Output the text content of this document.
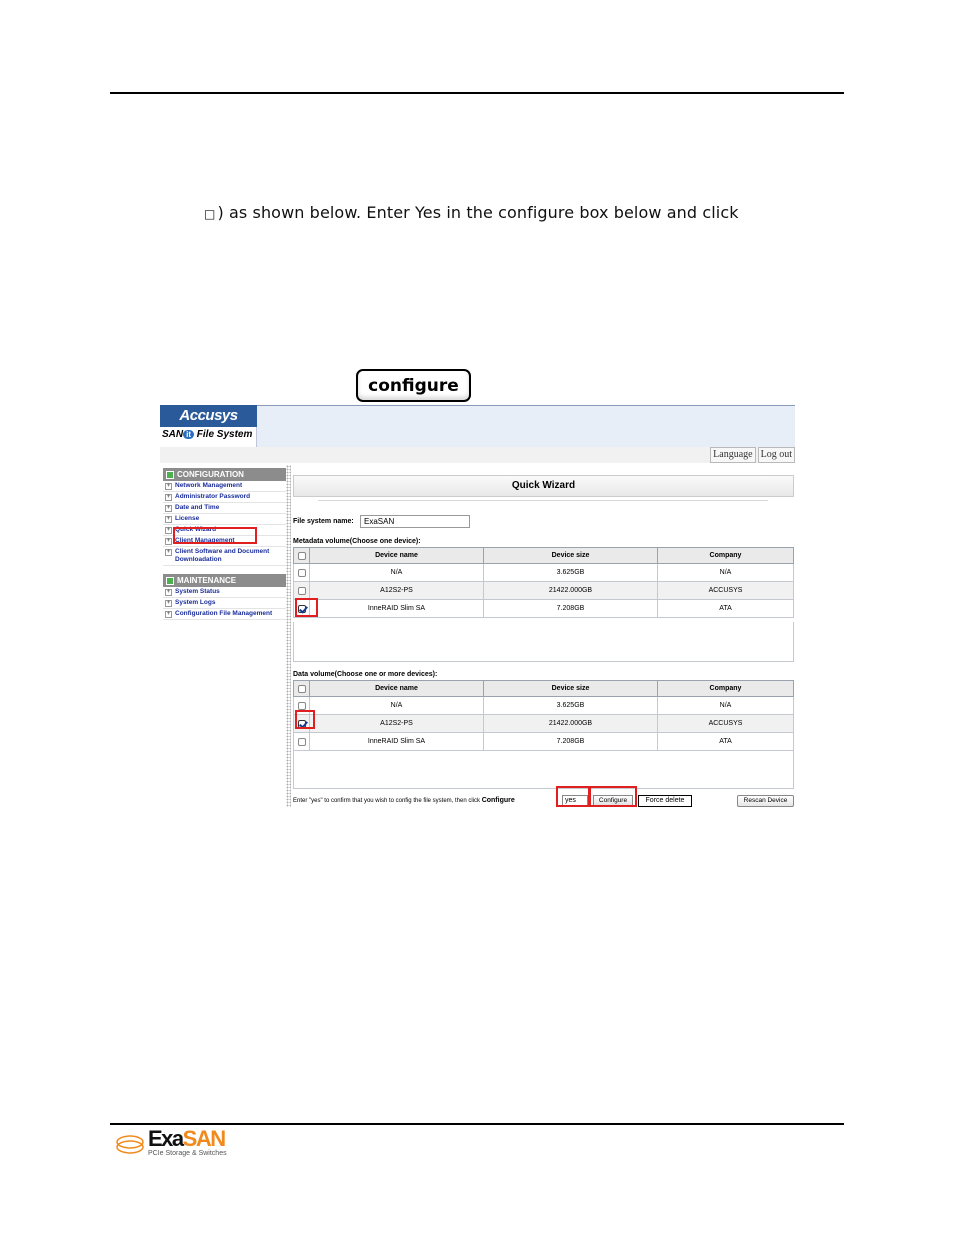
□ ) as shown below. Enter Yes in the configure box below and click
configure
Accusys
SAN it File System
Language Log out
CONFIGURATION
+ Network Management
+ Administrator Password
+ Date and Time
+ License
+ Quick Wizard
+ Client Management
+ Client Software and Document Downloadation
MAINTENANCE
+ System Status
+ System Logs
+ Configuration File Management
Quick Wizard
File system name:	ExaSAN
Metadata volume(Choose one device):
	Device name	Device size	Company
	N/A	3.625GB	N/A
	A12S2-PS	21422.000GB	ACCUSYS
	InneRAID Slim SA	7.208GB	ATA
Data volume(Choose one or more devices):
	Device name	Device size	Company
	N/A	3.625GB	N/A
	A12S2-PS	21422.000GB	ACCUSYS
	InneRAID Slim SA	7.208GB	ATA
Enter "yes" to confirm that you wish to config the file system, then click Configure	yes	Configure	Force delete	Rescan Device
ExaSAN
PCIe Storage & Switches
